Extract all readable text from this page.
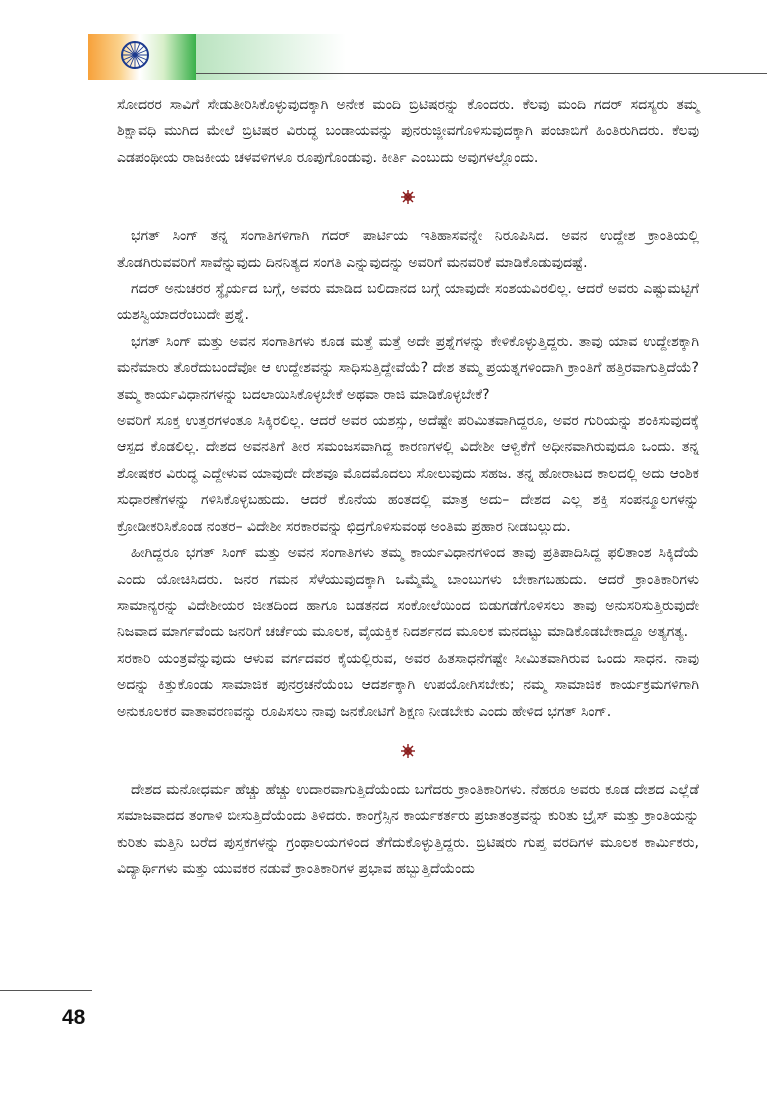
ಸೋದರರ ಸಾವಿಗೆ ಸೇಡುತೀರಿಸಿಕೊಳ್ಳುವುದಕ್ಕಾಗಿ ಅನೇಕ ಮಂದಿ ಬ್ರಿಟಿಷರನ್ನು ಕೊಂದರು. ಕೆಲವು ಮಂದಿ ಗದರ್ ಸದಸ್ಯರು ತಮ್ಮ ಶಿಕ್ಷಾವಧಿ ಮುಗಿದ ಮೇಲೆ ಬ್ರಿಟಿಷರ ವಿರುದ್ಧ ಬಂಡಾಯವನ್ನು ಪುನರುಜ್ಜೀವಗೊಳಿಸುವುದಕ್ಕಾಗಿ ಪಂಜಾಬಿಗೆ ಹಿಂತಿರುಗಿದರು. ಕೆಲವು ಎಡಪಂಥೀಯ ರಾಜಕೀಯ ಚಳವಳಿಗಳೂ ರೂಪುಗೊಂಡುವು. ಕೀರ್ತಿ ಎಂಬುದು ಅವುಗಳಲ್ಲೊಂದು.

ಭಗತ್ ಸಿಂಗ್ ತನ್ನ ಸಂಗಾತಿಗಳಿಗಾಗಿ ಗದರ್ ಪಾರ್ಟಿಯ ಇತಿಹಾಸವನ್ನೇ ನಿರೂಪಿಸಿದ. ಅವನ ಉದ್ದೇಶ ಕ್ರಾಂತಿಯಲ್ಲಿ ತೊಡಗಿರುವವರಿಗೆ ಸಾವೆನ್ನುವುದು ದಿನನಿತ್ಯದ ಸಂಗತಿ ಎನ್ನುವುದನ್ನು ಅವರಿಗೆ ಮನವರಿಕೆ ಮಾಡಿಕೊಡುವುದಷ್ಟೆ.

ಗದರ್ ಅನುಚರರ ಸ್ಥೈರ್ಯದ ಬಗ್ಗೆ, ಅವರು ಮಾಡಿದ ಬಲಿದಾನದ ಬಗ್ಗೆ ಯಾವುದೇ ಸಂಶಯವಿರಲಿಲ್ಲ. ಆದರೆ ಅವರು ಎಷ್ಟುಮಟ್ಟಿಗೆ ಯಶಸ್ವಿಯಾದರೆಂಬುದೇ ಪ್ರಶ್ನೆ.

ಭಗತ್ ಸಿಂಗ್ ಮತ್ತು ಅವನ ಸಂಗಾತಿಗಳು ಕೂಡ ಮತ್ತೆ ಮತ್ತೆ ಅದೇ ಪ್ರಶ್ನೆಗಳನ್ನು ಕೇಳಿಕೊಳ್ಳುತ್ತಿದ್ದರು. ತಾವು ಯಾವ ಉದ್ದೇಶಕ್ಕಾಗಿ ಮನೆಮಾರು ತೊರೆದುಬಂದೆವೋ ಆ ಉದ್ದೇಶವನ್ನು ಸಾಧಿಸುತ್ತಿದ್ದೇವೆಯೆ? ದೇಶ ತಮ್ಮ ಪ್ರಯತ್ನಗಳಿಂದಾಗಿ ಕ್ರಾಂತಿಗೆ ಹತ್ತಿರವಾಗುತ್ತಿದೆಯೆ? ತಮ್ಮ ಕಾರ್ಯವಿಧಾನಗಳನ್ನು ಬದಲಾಯಿಸಿಕೊಳ್ಳಬೇಕೆ ಅಥವಾ ರಾಜಿ ಮಾಡಿಕೊಳ್ಳಬೇಕೆ?

ಅವರಿಗೆ ಸೂಕ್ತ ಉತ್ತರಗಳಂತೂ ಸಿಕ್ಕಿರಲಿಲ್ಲ. ಆದರೆ ಅವರ ಯಶಸ್ಸು, ಅದೆಷ್ಟೇ ಪರಿಮಿತವಾಗಿದ್ದರೂ, ಅವರ ಗುರಿಯನ್ನು ಶಂಕಿಸುವುದಕ್ಕೆ ಆಸ್ಪದ ಕೊಡಲಿಲ್ಲ. ದೇಶದ ಅವನತಿಗೆ ತೀರ ಸಮಂಜಸವಾಗಿದ್ದ ಕಾರಣಗಳಲ್ಲಿ ವಿದೇಶೀ ಆಳ್ವಿಕೆಗೆ ಅಧೀನವಾಗಿರುವುದೂ ಒಂದು. ತನ್ನ ಶೋಷಕರ ವಿರುದ್ಧ ಎದ್ದೇಳುವ ಯಾವುದೇ ದೇಶವೂ ಮೊದಮೊದಲು ಸೋಲುವುದು ಸಹಜ. ತನ್ನ ಹೋರಾಟದ ಕಾಲದಲ್ಲಿ ಅದು ಆಂಶಿಕ ಸುಧಾರಣೆಗಳನ್ನು ಗಳಿಸಿಕೊಳ್ಳಬಹುದು. ಆದರೆ ಕೊನೆಯ ಹಂತದಲ್ಲಿ ಮಾತ್ರ ಅದು– ದೇಶದ ಎಲ್ಲ ಶಕ್ತಿ ಸಂಪನ್ಮೂಲಗಳನ್ನು ಕ್ರೋಡೀಕರಿಸಿಕೊಂಡ ನಂತರ– ವಿದೇಶೀ ಸರಕಾರವನ್ನು ಛಿದ್ರಗೊಳಿಸುವಂಥ ಅಂತಿಮ ಪ್ರಹಾರ ನೀಡಬಲ್ಲುದು.

ಹೀಗಿದ್ದರೂ ಭಗತ್ ಸಿಂಗ್ ಮತ್ತು ಅವನ ಸಂಗಾತಿಗಳು ತಮ್ಮ ಕಾರ್ಯವಿಧಾನಗಳಿಂದ ತಾವು ಪ್ರತಿಪಾದಿಸಿದ್ದ ಫಲಿತಾಂಶ ಸಿಕ್ಕಿದೆಯೆ ಎಂದು ಯೋಚಿಸಿದರು. ಜನರ ಗಮನ ಸೆಳೆಯುವುದಕ್ಕಾಗಿ ಒಮ್ಮೆಮ್ಮೆ ಬಾಂಬುಗಳು ಬೇಕಾಗಬಹುದು. ಆದರೆ ಕ್ರಾಂತಿಕಾರಿಗಳು ಸಾಮಾನ್ಯರನ್ನು ವಿದೇಶೀಯರ ಜೀತದಿಂದ ಹಾಗೂ ಬಡತನದ ಸಂಕೋಲೆಯಿಂದ ಬಿಡುಗಡೆಗೊಳಿಸಲು ತಾವು ಅನುಸರಿಸುತ್ತಿರುವುದೇ ನಿಜವಾದ ಮಾರ್ಗವೆಂದು ಜನರಿಗೆ ಚರ್ಚೆಯ ಮೂಲಕ, ವೈಯಕ್ತಿಕ ನಿದರ್ಶನದ ಮೂಲಕ ಮನದಟ್ಟು ಮಾಡಿಕೊಡಬೇಕಾದ್ದೂ ಅತ್ಯಗತ್ಯ.

ಸರಕಾರಿ ಯಂತ್ರವೆನ್ನುವುದು ಆಳುವ ವರ್ಗದವರ ಕೈಯಲ್ಲಿರುವ, ಅವರ ಹಿತಸಾಧನೆಗಷ್ಟೇ ಸೀಮಿತವಾಗಿರುವ ಒಂದು ಸಾಧನ. ನಾವು ಅದನ್ನು ಕಿತ್ತುಕೊಂಡು ಸಾಮಾಜಿಕ ಪುನರ್ರಚನೆಯೆಂಬ ಆದರ್ಶಕ್ಕಾಗಿ ಉಪಯೋಗಿಸಬೇಕು; ನಮ್ಮ ಸಾಮಾಜಿಕ ಕಾರ್ಯಕ್ರಮಗಳಿಗಾಗಿ ಅನುಕೂಲಕರ ವಾತಾವರಣವನ್ನು ರೂಪಿಸಲು ನಾವು ಜನಕೋಟಿಗೆ ಶಿಕ್ಷಣ ನೀಡಬೇಕು ಎಂದು ಹೇಳಿದ ಭಗತ್ ಸಿಂಗ್.

ದೇಶದ ಮನೋಧರ್ಮ ಹೆಚ್ಚು ಹೆಚ್ಚು ಉದಾರವಾಗುತ್ತಿದೆಯೆಂದು ಬಗೆದರು ಕ್ರಾಂತಿಕಾರಿಗಳು. ನೆಹರೂ ಅವರು ಕೂಡ ದೇಶದ ಎಲ್ಲೆಡೆ ಸಮಾಜವಾದದ ತಂಗಾಳಿ ಬೀಸುತ್ತಿದೆಯೆಂದು ತಿಳಿದರು. ಕಾಂಗ್ರೆಸ್ಸಿನ ಕಾರ್ಯಕರ್ತರು ಪ್ರಜಾತಂತ್ರವನ್ನು ಕುರಿತು ಬ್ರೈಸ್ ಮತ್ತು ಕ್ರಾಂತಿಯನ್ನು ಕುರಿತು ಮತ್ತಿನಿ ಬರೆದ ಪುಸ್ತಕಗಳನ್ನು ಗ್ರಂಥಾಲಯಗಳಿಂದ ತೆಗೆದುಕೊಳ್ಳುತ್ತಿದ್ದರು. ಬ್ರಿಟಿಷರು ಗುಪ್ತ ವರದಿಗಳ ಮೂಲಕ ಕಾರ್ಮಿಕರು, ವಿದ್ಯಾರ್ಥಿಗಳು ಮತ್ತು ಯುವಕರ ನಡುವೆ ಕ್ರಾಂತಿಕಾರಿಗಳ ಪ್ರಭಾವ ಹಬ್ಬುತ್ತಿದೆಯೆಂದು

48
